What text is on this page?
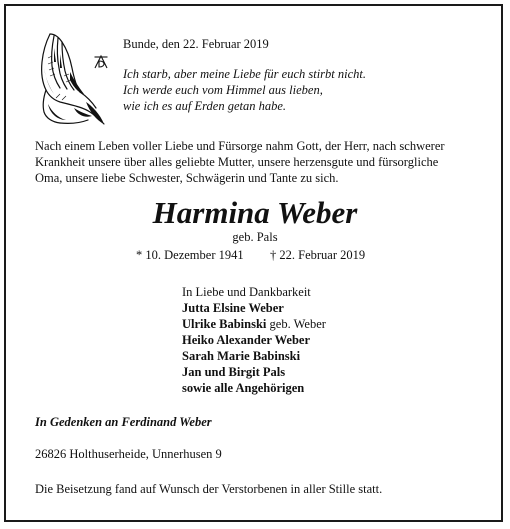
Bunde, den 22. Februar 2019
Ich starb, aber meine Liebe für euch stirbt nicht.
Ich werde euch vom Himmel aus lieben,
wie ich es auf Erden getan habe.
Nach einem Leben voller Liebe und Fürsorge nahm Gott, der Herr, nach schwerer
Krankheit unsere über alles geliebte Mutter, unsere herzensgute und fürsorgliche
Oma, unsere liebe Schwester, Schwägerin und Tante zu sich.
Harmina Weber
geb. Pals
* 10. Dezember 1941 † 22. Februar 2019
In Liebe und Dankbarkeit
Jutta Elsine Weber
Ulrike Babinski geb. Weber
Heiko Alexander Weber
Sarah Marie Babinski
Jan und Birgit Pals
sowie alle Angehörigen
In Gedenken an Ferdinand Weber
26826 Holthuserheide, Unnerhusen 9
Die Beisetzung fand auf Wunsch der Verstorbenen in aller Stille statt.
